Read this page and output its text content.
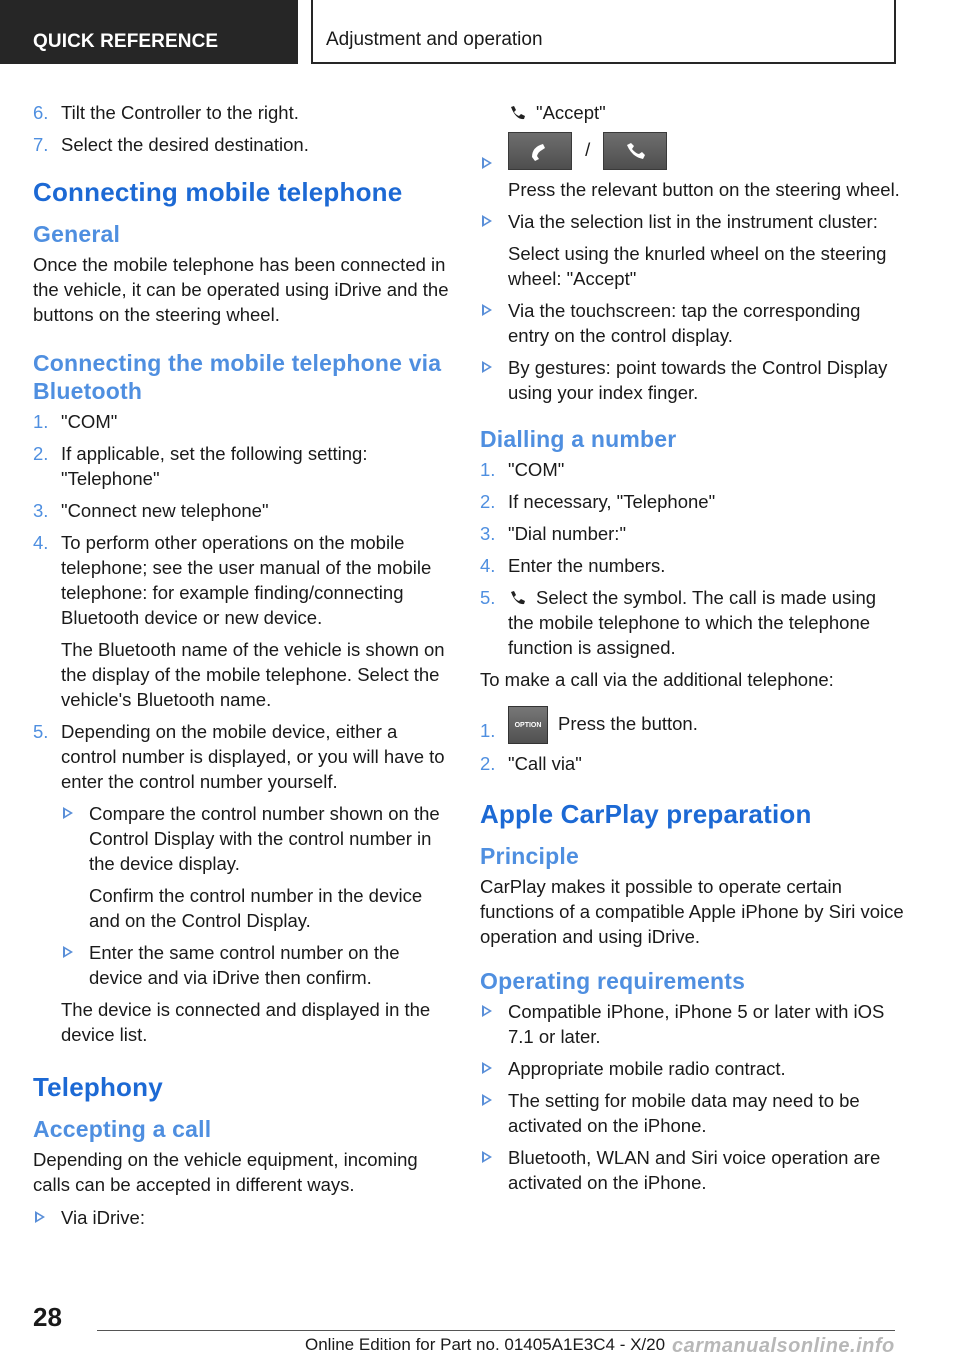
QUICK REFERENCE	Adjustment and operation
6. Tilt the Controller to the right.
7. Select the desired destination.
Connecting mobile telephone
General

Once the mobile telephone has been connected in the vehicle, it can be operated using iDrive and the buttons on the steering wheel.

Connecting the mobile telephone via Bluetooth
1. "COM"
2. If applicable, set the following setting: "Telephone"
3. "Connect new telephone"
4. To perform other operations on the mobile telephone; see the user manual of the mobile telephone: for example finding/connecting Bluetooth device or new device.
The Bluetooth name of the vehicle is shown on the display of the mobile telephone. Select the vehicle's Bluetooth name.
5. Depending on the mobile device, either a control number is displayed, or you will have to enter the control number yourself.
Compare the control number shown on the Control Display with the control number in the device display.
Confirm the control number in the device and on the Control Display.
Enter the same control number on the device and via iDrive then confirm.
The device is connected and displayed in the device list.
Telephony
Accepting a call

Depending on the vehicle equipment, incoming calls can be accepted in different ways.

Via iDrive:
"Accept"
/
Press the relevant button on the steering wheel.
Via the selection list in the instrument cluster:
Select using the knurled wheel on the steering wheel: "Accept"
Via the touchscreen: tap the corresponding entry on the control display.
By gestures: point towards the Control Display using your index finger.
Dialling a number
1. "COM"
2. If necessary, "Telephone"
3. "Dial number:"
4. Enter the numbers.
5. Select the symbol. The call is made using the mobile telephone to which the telephone function is assigned.

To make a call via the additional telephone:

1.	OPTION Press the button.
2. "Call via"
Apple CarPlay preparation
Principle

CarPlay makes it possible to operate certain functions of a compatible Apple iPhone by Siri voice operation and using iDrive.

Operating requirements
Compatible iPhone, iPhone 5 or later with iOS 7.1 or later.
Appropriate mobile radio contract.
The setting for mobile data may need to be activated on the iPhone.
Bluetooth, WLAN and Siri voice operation are activated on the iPhone.
28
Online Edition for Part no. 01405A1E3C4 - X/20 carmanualsonline.info
